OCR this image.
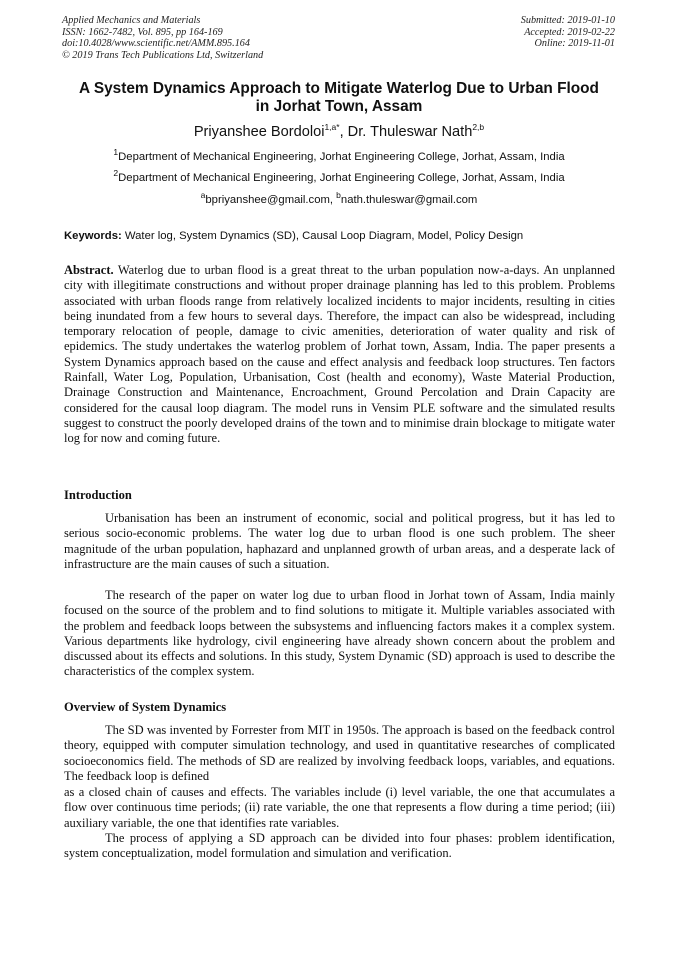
Applied Mechanics and Materials
ISSN: 1662-7482, Vol. 895, pp 164-169
doi:10.4028/www.scientific.net/AMM.895.164
© 2019 Trans Tech Publications Ltd, Switzerland
Submitted: 2019-01-10
Accepted: 2019-02-22
Online: 2019-11-01
A System Dynamics Approach to Mitigate Waterlog Due to Urban Flood
in Jorhat Town, Assam
Priyanshee Bordoloi$^{1,a*}$, Dr. Thuleswar Nath$^{2,b}$
$^1$Department of Mechanical Engineering, Jorhat Engineering College, Jorhat, Assam, India
$^2$Department of Mechanical Engineering, Jorhat Engineering College, Jorhat, Assam, India
$^a$bpriyanshee@gmail.com, $^b$nath.thuleswar@gmail.com
Keywords: Water log, System Dynamics (SD), Causal Loop Diagram, Model, Policy Design

Abstract. Waterlog due to urban flood is a great threat to the urban population now-a-days. An unplanned city with illegitimate constructions and without proper drainage planning has led to this problem. Problems associated with urban floods range from relatively localized incidents to major incidents, resulting in cities being inundated from a few hours to several days. Therefore, the impact can also be widespread, including temporary relocation of people, damage to civic amenities, deterioration of water quality and risk of epidemics. The study undertakes the waterlog problem of Jorhat town, Assam, India. The paper presents a System Dynamics approach based on the cause and effect analysis and feedback loop structures. Ten factors Rainfall, Water Log, Population, Urbanisation, Cost (health and economy), Waste Material Production, Drainage Construction and Maintenance, Encroachment, Ground Percolation and Drain Capacity are considered for the causal loop diagram. The model runs in Vensim PLE software and the simulated results suggest to construct the poorly developed drains of the town and to minimise drain blockage to mitigate water log for now and coming future.

Introduction

Urbanisation has been an instrument of economic, social and political progress, but it has led to serious socio-economic problems. The water log due to urban flood is one such problem. The sheer magnitude of the urban population, haphazard and unplanned growth of urban areas, and a desperate lack of infrastructure are the main causes of such a situation.

The research of the paper on water log due to urban flood in Jorhat town of Assam, India mainly focused on the source of the problem and to find solutions to mitigate it. Multiple variables associated with the problem and feedback loops between the subsystems and influencing factors makes it a complex system. Various departments like hydrology, civil engineering have already shown concern about the problem and discussed about its effects and solutions. In this study, System Dynamic (SD) approach is used to describe the characteristics of the complex system.

Overview of System Dynamics

The SD was invented by Forrester from MIT in 1950s. The approach is based on the feedback control theory, equipped with computer simulation technology, and used in quantitative researches of complicated socioeconomics field. The methods of SD are realized by involving feedback loops, variables, and equations. The feedback loop is defined

as a closed chain of causes and effects. The variables include (i) level variable, the one that accumulates a flow over continuous time periods; (ii) rate variable, the one that represents a flow during a time period; (iii) auxiliary variable, the one that identifies rate variables.

The process of applying a SD approach can be divided into four phases: problem identification, system conceptualization, model formulation and simulation and verification.
